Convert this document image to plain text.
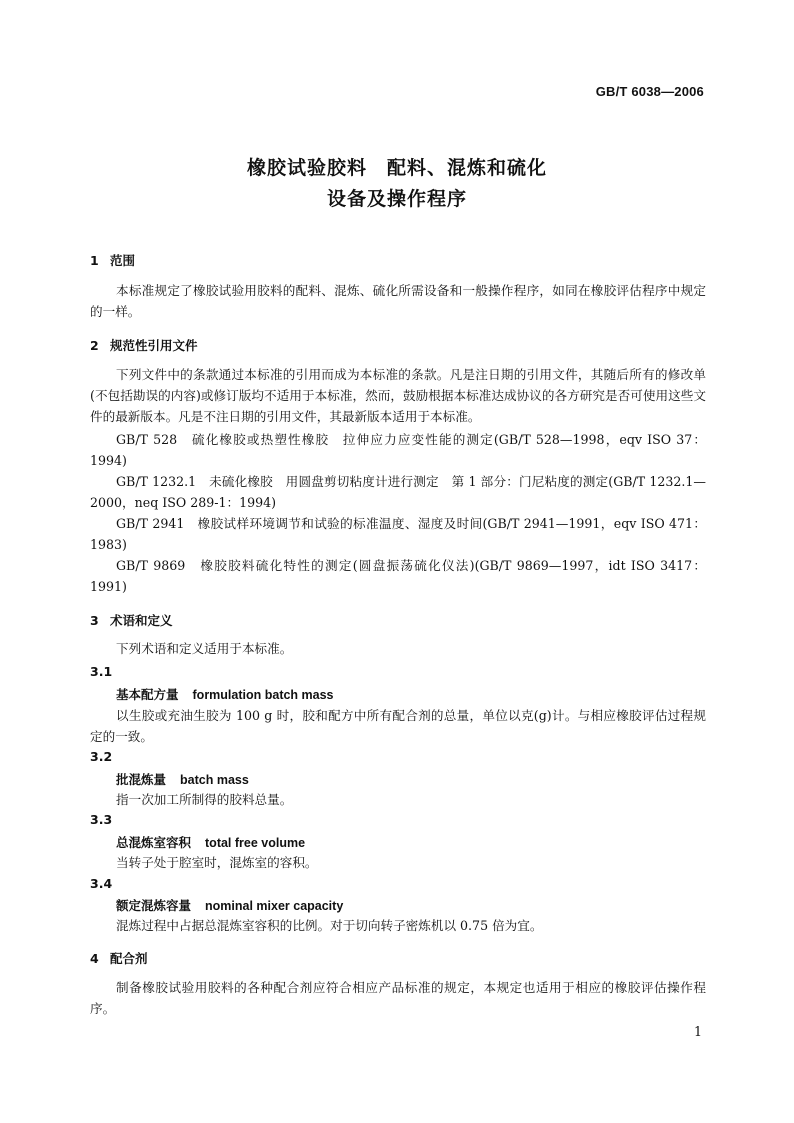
GB/T 6038—2006
橡胶试验胶料　配料、混炼和硫化
设备及操作程序
1 范围
本标准规定了橡胶试验用胶料的配料、混炼、硫化所需设备和一般操作程序，如同在橡胶评估程序中规定的一样。
2 规范性引用文件
下列文件中的条款通过本标准的引用而成为本标准的条款。凡是注日期的引用文件，其随后所有的修改单(不包括勘误的内容)或修订版均不适用于本标准，然而，鼓励根据本标准达成协议的各方研究是否可使用这些文件的最新版本。凡是不注日期的引用文件，其最新版本适用于本标准。
GB/T 528　硫化橡胶或热塑性橡胶　拉伸应力应变性能的测定(GB/T 528—1998，eqv ISO 37：1994)
GB/T 1232.1　未硫化橡胶　用圆盘剪切粘度计进行测定　第 1 部分：门尼粘度的测定(GB/T 1232.1—2000，neq ISO 289-1：1994)
GB/T 2941　橡胶试样环境调节和试验的标准温度、湿度及时间(GB/T 2941—1991，eqv ISO 471：1983)
GB/T 9869　橡胶胶料硫化特性的测定(圆盘振荡硫化仪法)(GB/T 9869—1997，idt ISO 3417：1991)
3 术语和定义
下列术语和定义适用于本标准。
3.1
基本配方量 formulation batch mass
以生胶或充油生胶为 100 g 时，胶和配方中所有配合剂的总量，单位以克(g)计。与相应橡胶评估过程规定的一致。
3.2
批混炼量 batch mass
指一次加工所制得的胶料总量。
3.3
总混炼室容积 total free volume
当转子处于腔室时，混炼室的容积。
3.4
额定混炼容量 nominal mixer capacity
混炼过程中占据总混炼室容积的比例。对于切向转子密炼机以 0.75 倍为宜。
4 配合剂
制备橡胶试验用胶料的各种配合剂应符合相应产品标准的规定，本规定也适用于相应的橡胶评估操作程序。
1
